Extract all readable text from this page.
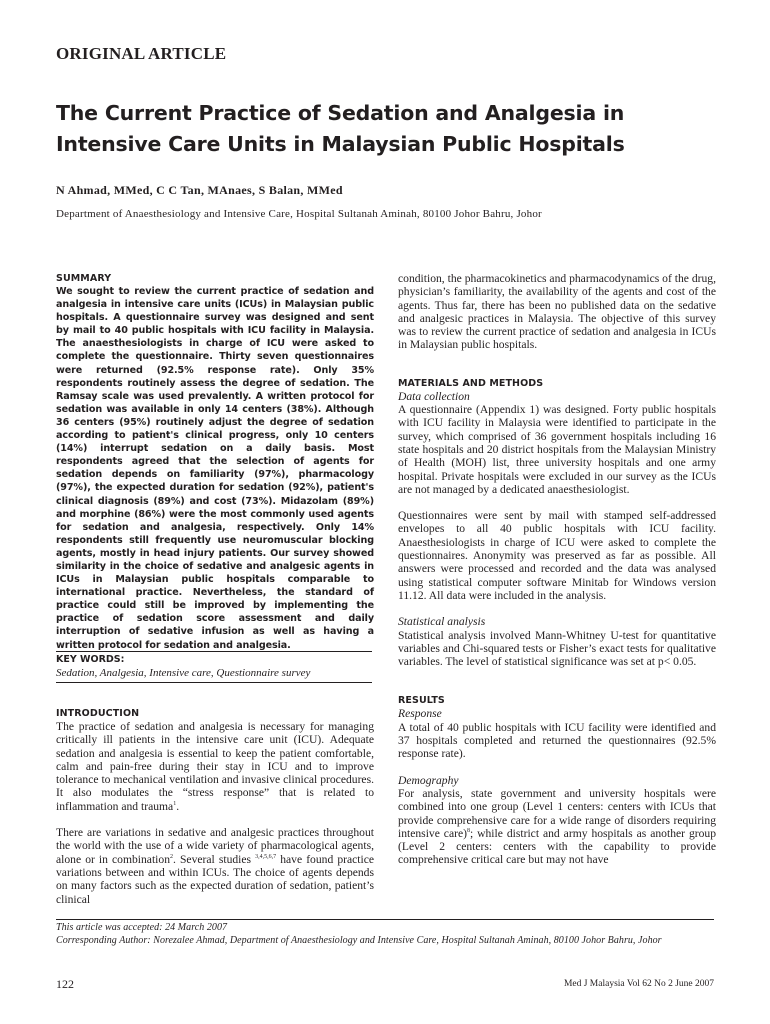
ORIGINAL ARTICLE
The Current Practice of Sedation and Analgesia in Intensive Care Units in Malaysian Public Hospitals
N Ahmad, MMed, C C Tan, MAnaes, S Balan, MMed
Department of Anaesthesiology and Intensive Care, Hospital Sultanah Aminah, 80100 Johor Bahru, Johor

SUMMARY

We sought to review the current practice of sedation and analgesia in intensive care units (ICUs) in Malaysian public hospitals. A questionnaire survey was designed and sent by mail to 40 public hospitals with ICU facility in Malaysia. The anaesthesiologists in charge of ICU were asked to complete the questionnaire. Thirty seven questionnaires were returned (92.5% response rate). Only 35% respondents routinely assess the degree of sedation. The Ramsay scale was used prevalently. A written protocol for sedation was available in only 14 centers (38%). Although 36 centers (95%) routinely adjust the degree of sedation according to patient's clinical progress, only 10 centers (14%) interrupt sedation on a daily basis. Most respondents agreed that the selection of agents for sedation depends on familiarity (97%), pharmacology (97%), the expected duration for sedation (92%), patient's clinical diagnosis (89%) and cost (73%). Midazolam (89%) and morphine (86%) were the most commonly used agents for sedation and analgesia, respectively. Only 14% respondents still frequently use neuromuscular blocking agents, mostly in head injury patients. Our survey showed similarity in the choice of sedative and analgesic agents in ICUs in Malaysian public hospitals comparable to international practice. Nevertheless, the standard of practice could still be improved by implementing the practice of sedation score assessment and daily interruption of sedative infusion as well as having a written protocol for sedation and analgesia.

KEY WORDS:
Sedation, Analgesia, Intensive care, Questionnaire survey

INTRODUCTION

The practice of sedation and analgesia is necessary for managing critically ill patients in the intensive care unit (ICU). Adequate sedation and analgesia is essential to keep the patient comfortable, calm and pain-free during their stay in ICU and to improve tolerance to mechanical ventilation and invasive clinical procedures. It also modulates the “stress response” that is related to inflammation and trauma$^1$.

There are variations in sedative and analgesic practices throughout the world with the use of a wide variety of pharmacological agents, alone or in combination$^2$. Several studies $^{3,4,5,6,7}$ have found practice variations between and within ICUs. The choice of agents depends on many factors such as the expected duration of sedation, patient’s clinical

condition, the pharmacokinetics and pharmacodynamics of the drug, physician’s familiarity, the availability of the agents and cost of the agents. Thus far, there has been no published data on the sedative and analgesic practices in Malaysia. The objective of this survey was to review the current practice of sedation and analgesia in ICUs in Malaysian public hospitals.

MATERIALS AND METHODS

Data collection

A questionnaire (Appendix 1) was designed. Forty public hospitals with ICU facility in Malaysia were identified to participate in the survey, which comprised of 36 government hospitals including 16 state hospitals and 20 district hospitals from the Malaysian Ministry of Health (MOH) list, three university hospitals and one army hospital. Private hospitals were excluded in our survey as the ICUs are not managed by a dedicated anaesthesiologist.

Questionnaires were sent by mail with stamped self-addressed envelopes to all 40 public hospitals with ICU facility. Anaesthesiologists in charge of ICU were asked to complete the questionnaires. Anonymity was preserved as far as possible. All answers were processed and recorded and the data was analysed using statistical computer software Minitab for Windows version 11.12. All data were included in the analysis.

Statistical analysis

Statistical analysis involved Mann-Whitney U-test for quantitative variables and Chi-squared tests or Fisher’s exact tests for qualitative variables. The level of statistical significance was set at p< 0.05.

RESULTS

Response

A total of 40 public hospitals with ICU facility were identified and 37 hospitals completed and returned the questionnaires (92.5% response rate).

Demography

For analysis, state government and university hospitals were combined into one group (Level 1 centers: centers with ICUs that provide comprehensive care for a wide range of disorders requiring intensive care)$^8$; while district and army hospitals as another group (Level 2 centers: centers with the capability to provide comprehensive critical care but may not have

This article was accepted: 24 March 2007
Corresponding Author: Norezalee Ahmad, Department of Anaesthesiology and Intensive Care, Hospital Sultanah Aminah, 80100 Johor Bahru, Johor
122	Med J Malaysia Vol 62 No 2 June 2007
